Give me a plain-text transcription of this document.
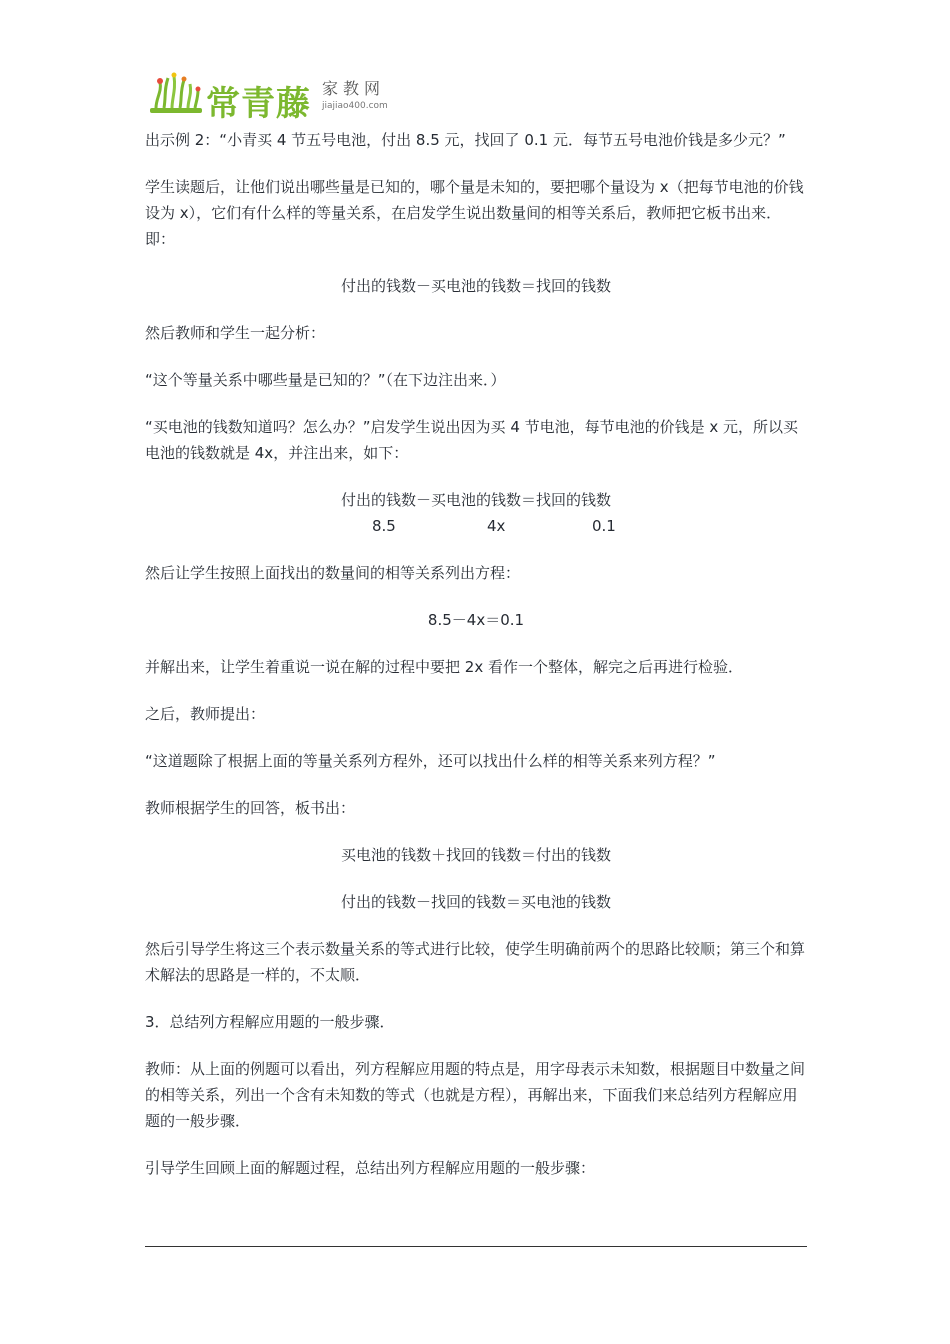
常青藤 家教网
jiajiao400.com

出示例 2：“小青买 4 节五号电池，付出 8.5 元，找回了 0.1 元．每节五号电池价钱是多少元？”

学生读题后，让他们说出哪些量是已知的，哪个量是未知的，要把哪个量设为 x（把每节电池的价钱设为 x），它们有什么样的等量关系，在启发学生说出数量间的相等关系后，教师把它板书出来．即：

付出的钱数－买电池的钱数＝找回的钱数

然后教师和学生一起分析：

“这个等量关系中哪些量是已知的？”（在下边注出来．）

“买电池的钱数知道吗？怎么办？”启发学生说出因为买 4 节电池，每节电池的价钱是 x 元，所以买电池的钱数就是 4x，并注出来，如下：

付出的钱数－买电池的钱数＝找回的钱数

8.5	4x	0.1

然后让学生按照上面找出的数量间的相等关系列出方程：

8.5－4x＝0.1

并解出来，让学生着重说一说在解的过程中要把 2x 看作一个整体，解完之后再进行检验．

之后，教师提出：

“这道题除了根据上面的等量关系列方程外，还可以找出什么样的相等关系来列方程？”

教师根据学生的回答，板书出：

买电池的钱数＋找回的钱数＝付出的钱数

付出的钱数－找回的钱数＝买电池的钱数

然后引导学生将这三个表示数量关系的等式进行比较，使学生明确前两个的思路比较顺；第三个和算术解法的思路是一样的，不太顺．

3．总结列方程解应用题的一般步骤．

教师：从上面的例题可以看出，列方程解应用题的特点是，用字母表示未知数，根据题目中数量之间的相等关系，列出一个含有未知数的等式（也就是方程），再解出来，下面我们来总结列方程解应用题的一般步骤．

引导学生回顾上面的解题过程，总结出列方程解应用题的一般步骤：
